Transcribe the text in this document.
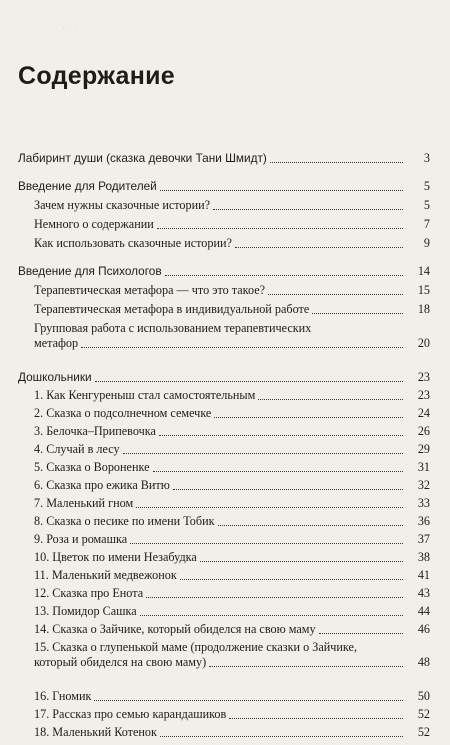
· · ·
Содержание
Лабиринт души (сказка девочки Тани Шмидт)	3
Введение для Родителей	5
Зачем нужны сказочные истории?	5
Немного о содержании	7
Как использовать сказочные истории?	9
Введение для Психологов	14
Терапевтическая метафора — что это такое?	15
Терапевтическая метафора в индивидуальной работе	18
Групповая работа с использованием терапевтических
метафор	20
Дошкольники	23
1. Как Кенгуреныш стал самостоятельным	23
2. Сказка о подсолнечном семечке	24
3. Белочка–Припевочка	26
4. Случай в лесу	29
5. Сказка о Вороненке	31
6. Сказка про ежика Витю	32
7. Маленький гном	33
8. Сказка о песике по имени Тобик	36
9. Роза и ромашка	37
10. Цветок по имени Незабудка	38
11. Маленький медвежонок	41
12. Сказка про Енота	43
13. Помидор Сашка	44
14. Сказка о Зайчике, который обиделся на свою маму	46
15. Сказка о глупенькой маме (продолжение сказки о Зайчике,
который обиделся на свою маму)	48
16. Гномик	50
17. Рассказ про семью карандашиков	52
18. Маленький Котенок	52
